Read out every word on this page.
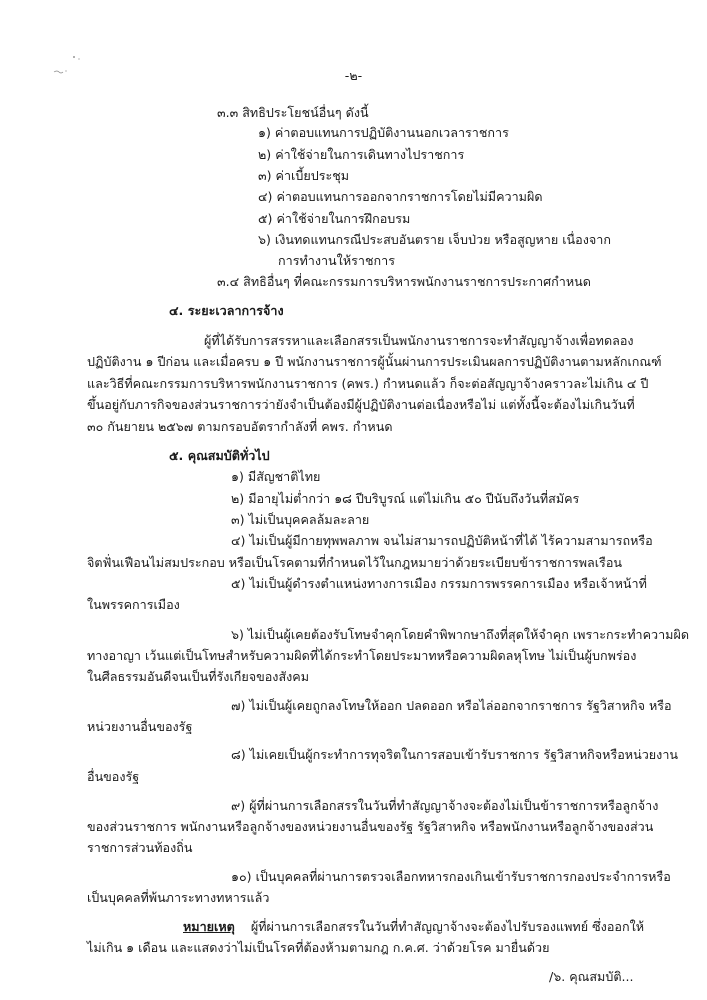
-๒-
๓.๓ สิทธิประโยชน์อื่นๆ ดังนี้
๑) ค่าตอบแทนการปฏิบัติงานนอกเวลาราชการ
๒) ค่าใช้จ่ายในการเดินทางไปราชการ
๓) ค่าเบี้ยประชุม
๔) ค่าตอบแทนการออกจากราชการโดยไม่มีความผิด
๕) ค่าใช้จ่ายในการฝึกอบรม
๖) เงินทดแทนกรณีประสบอันตราย เจ็บป่วย หรือสูญหาย เนื่องจาก
การทำงานให้ราชการ
๓.๔ สิทธิอื่นๆ ที่คณะกรรมการบริหารพนักงานราชการประกาศกำหนด
๔. ระยะเวลาการจ้าง
ผู้ที่ได้รับการสรรหาและเลือกสรรเป็นพนักงานราชการจะทำสัญญาจ้างเพื่อทดลอง
ปฏิบัติงาน ๑ ปีก่อน และเมื่อครบ ๑ ปี พนักงานราชการผู้นั้นผ่านการประเมินผลการปฏิบัติงานตามหลักเกณฑ์
และวิธีที่คณะกรรมการบริหารพนักงานราชการ (คพร.) กำหนดแล้ว ก็จะต่อสัญญาจ้างคราวละไม่เกิน ๔ ปี
ขึ้นอยู่กับภารกิจของส่วนราชการว่ายังจำเป็นต้องมีผู้ปฏิบัติงานต่อเนื่องหรือไม่ แต่ทั้งนี้จะต้องไม่เกินวันที่
๓๐ กันยายน ๒๕๖๗ ตามกรอบอัตรากำลังที่ คพร. กำหนด
๕. คุณสมบัติทั่วไป
๑) มีสัญชาติไทย
๒) มีอายุไม่ต่ำกว่า ๑๘ ปีบริบูรณ์ แต่ไม่เกิน ๕๐ ปีนับถึงวันที่สมัคร
๓) ไม่เป็นบุคคลล้มละลาย
๔) ไม่เป็นผู้มีกายทุพพลภาพ จนไม่สามารถปฏิบัติหน้าที่ได้ ไร้ความสามารถหรือ
จิตฟั่นเฟือนไม่สมประกอบ หรือเป็นโรคตามที่กำหนดไว้ในกฎหมายว่าด้วยระเบียบข้าราชการพลเรือน
๕) ไม่เป็นผู้ดำรงตำแหน่งทางการเมือง กรรมการพรรคการเมือง หรือเจ้าหน้าที่
ในพรรคการเมือง
๖) ไม่เป็นผู้เคยต้องรับโทษจำคุกโดยคำพิพากษาถึงที่สุดให้จำคุก เพราะกระทำความผิด
ทางอาญา เว้นแต่เป็นโทษสำหรับความผิดที่ได้กระทำโดยประมาทหรือความผิดลหุโทษ ไม่เป็นผู้บกพร่อง
ในศีลธรรมอันดีจนเป็นที่รังเกียจของสังคม
๗) ไม่เป็นผู้เคยถูกลงโทษให้ออก ปลดออก หรือไล่ออกจากราชการ รัฐวิสาหกิจ หรือ
หน่วยงานอื่นของรัฐ
๘) ไม่เคยเป็นผู้กระทำการทุจริตในการสอบเข้ารับราชการ รัฐวิสาหกิจหรือหน่วยงาน
อื่นของรัฐ
๙) ผู้ที่ผ่านการเลือกสรรในวันที่ทำสัญญาจ้างจะต้องไม่เป็นข้าราชการหรือลูกจ้าง
ของส่วนราชการ พนักงานหรือลูกจ้างของหน่วยงานอื่นของรัฐ รัฐวิสาหกิจ หรือพนักงานหรือลูกจ้างของส่วน
ราชการส่วนท้องถิ่น
๑๐) เป็นบุคคลที่ผ่านการตรวจเลือกทหารกองเกินเข้ารับราชการกองประจำการหรือ
เป็นบุคคลที่พ้นภาระทางทหารแล้ว
หมายเหตุ ผู้ที่ผ่านการเลือกสรรในวันที่ทำสัญญาจ้างจะต้องไปรับรองแพทย์ ซึ่งออกให้
ไม่เกิน ๑ เดือน และแสดงว่าไม่เป็นโรคที่ต้องห้ามตามกฎ ก.ค.ศ. ว่าด้วยโรค มายื่นด้วย
/๖. คุณสมบัติ...
